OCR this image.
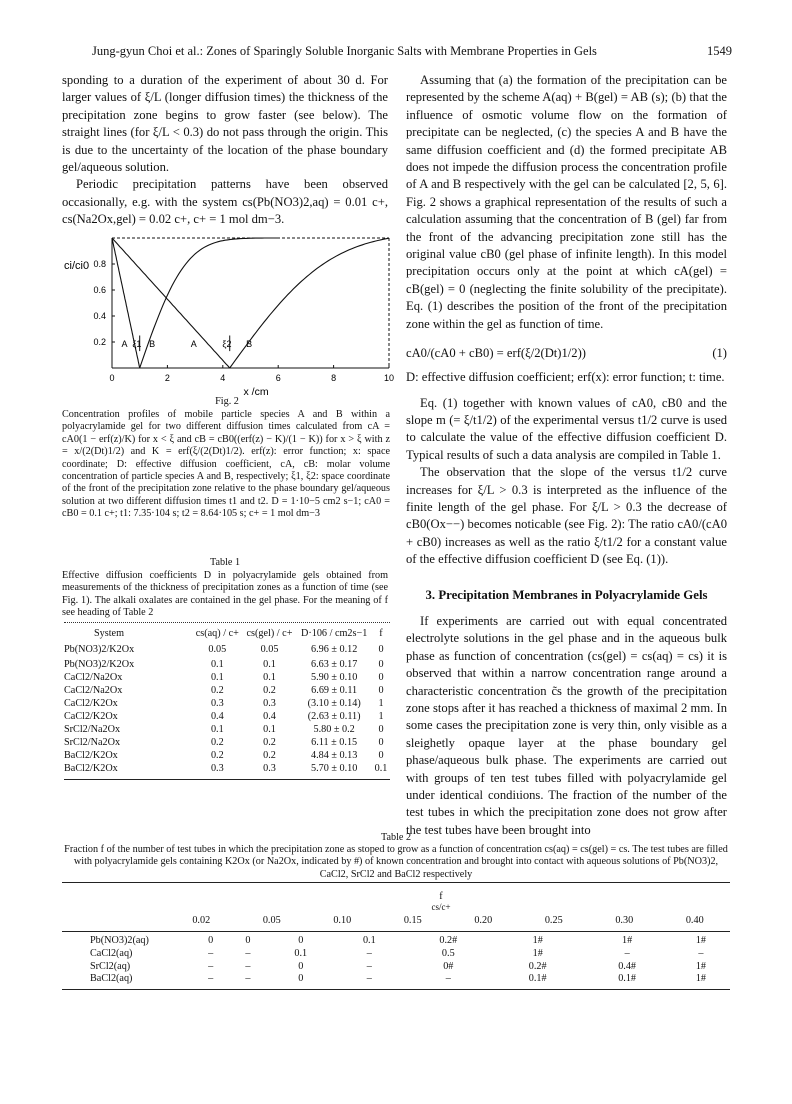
Jung-gyun Choi et al.: Zones of Sparingly Soluble Inorganic Salts with Membrane Properties in Gels	1549

sponding to a duration of the experiment of about 30 d. For larger values of ξ/L (longer diffusion times) the thickness of the precipitation zone begins to grow faster (see below). The straight lines (for ξ/L < 0.3) do not pass through the origin. This is due to the uncertainty of the location of the phase boundary gel/aqueous solution.

Periodic precipitation patterns have been observed occasionally, e.g. with the system cs(Pb(NO3)2,aq) = 0.01 c+, cs(Na2Ox,gel) = 0.02 c+, c+ = 1 mol dm−3.

0.2
0.4
0.6
0.8
0	2	4	6	8	10
x /cm
ci/ci0
A ξ1 B	A	ξ2 B
Fig. 2
Concentration profiles of mobile particle species A and B within a polyacrylamide gel for two different diffusion times calculated from cA = cA0(1 − erf(z)/K) for x < ξ and cB = cB0((erf(z) − K)/(1 − K)) for x > ξ with z = x/(2(Dt)1/2) and K = erf(ξ/(2(Dt)1/2). erf(z): error function; x: space coordinate; D: effective diffusion coefficient, cA, cB: molar volume concentration of particle species A and B, respectively; ξ1, ξ2: space coordinate of the front of the precipitation zone relative to the phase boundary gel/aqueous solution at two different diffusion times t1 and t2. D = 1·10−5 cm2 s−1; cA0 = cB0 = 0.1 c+; t1: 7.35·104 s; t2 = 8.64·105 s; c+ = 1 mol dm−3
Table 1
Effective diffusion coefficients D in polyacrylamide gels obtained from measurements of the thickness of precipitation zones as a function of time (see Fig. 1). The alkali oxalates are contained in the gel phase. For the meaning of f see heading of Table 2
System	cs(aq) / c+	cs(gel) / c+	D·106 / cm2s−1	f
Pb(NO3)2/K2Ox	0.05	0.05	6.96 ± 0.12	0
Pb(NO3)2/K2Ox	0.1	0.1	6.63 ± 0.17	0
CaCl2/Na2Ox	0.1	0.1	5.90 ± 0.10	0
CaCl2/Na2Ox	0.2	0.2	6.69 ± 0.11	0
CaCl2/K2Ox	0.3	0.3	(3.10 ± 0.14)	1
CaCl2/K2Ox	0.4	0.4	(2.63 ± 0.11)	1
SrCl2/Na2Ox	0.1	0.1	5.80 ± 0.2	0
SrCl2/Na2Ox	0.2	0.2	6.11 ± 0.15	0
BaCl2/K2Ox	0.2	0.2	4.84 ± 0.13	0
BaCl2/K2Ox	0.3	0.3	5.70 ± 0.10	0.1

Assuming that (a) the formation of the precipitation can be represented by the scheme A(aq) + B(gel) = AB (s); (b) that the influence of osmotic volume flow on the formation of precipitate can be neglected, (c) the species A and B have the same diffusion coefficient and (d) the formed precipitate AB does not impede the diffusion process the concentration profile of A and B respectively with the gel can be calculated [2, 5, 6]. Fig. 2 shows a graphical representation of the results of such a calculation assuming that the concentration of B (gel) far from the front of the advancing precipitation zone still has the original value cB0 (gel phase of infinite length). In this model precipitation occurs only at the point at which cA(gel) = cB(gel) = 0 (neglecting the finite solubility of the precipitate). Eq. (1) describes the position of the front of the precipitation zone within the gel as function of time.

cA0/(cA0 + cB0) = erf(ξ/2(Dt)1/2))	(1)

D: effective diffusion coefficient; erf(x): error function; t: time.

Eq. (1) together with known values of cA0, cB0 and the slope m (= ξ/t1/2) of the experimental versus t1/2 curve is used to calculate the value of the effective diffusion coefficient D. Typical results of such a data analysis are compiled in Table 1.

The observation that the slope of the versus t1/2 curve increases for ξ/L > 0.3 is interpreted as the influence of the finite length of the gel phase. For ξ/L > 0.3 the decrease of cB0(Ox−−) becomes noticable (see Fig. 2): The ratio cA0/(cA0 + cB0) increases as well as the ratio ξ/t1/2 for a constant value of the effective diffusion coefficient D (see Eq. (1)).

3. Precipitation Membranes in Polyacrylamide Gels

If experiments are carried out with equal concentrated electrolyte solutions in the gel phase and in the aqueous bulk phase as function of concentration (cs(gel) = cs(aq) = cs) it is observed that within a narrow concentration range around a characteristic concentration c̃s the growth of the precipitation zone stops after it has reached a thickness of maximal 2 mm. In some cases the precipitation zone is very thin, only visible as a sleighetly opaque layer at the phase boundary gel phase/aqueous bulk phase. The experiments are carried out with groups of ten test tubes filled with polyacrylamide gel under identical condiιions. The fraction of the number of the test tubes in which the precipitation zone does not grow after the test tubes have been brought into

Table 2
Fraction f of the number of test tubes in which the precipitation zone as stoped to grow as a function of concentration cs(aq) = cs(gel) = cs. The test tubes are filled with polyacrylamide gels containing K2Ox (or Na2Ox, indicated by #) of known concentration and brought into contact with aqueous solutions of Pb(NO3)2, CaCl2, SrCl2 and BaCl2 respectively
f
cs/c+
	0.02	0.05	0.10	0.15	0.20	0.25	0.30	0.40
Pb(NO3)2(aq)	0	0	0	0.1	0.2#	1#	1#	1#
CaCl2(aq)	–	–	0.1	–	0.5	1#	–	–
SrCl2(aq)	–	–	0	–	0#	0.2#	0.4#	1#
BaCl2(aq)	–	–	0	–	–	0.1#	0.1#	1#
